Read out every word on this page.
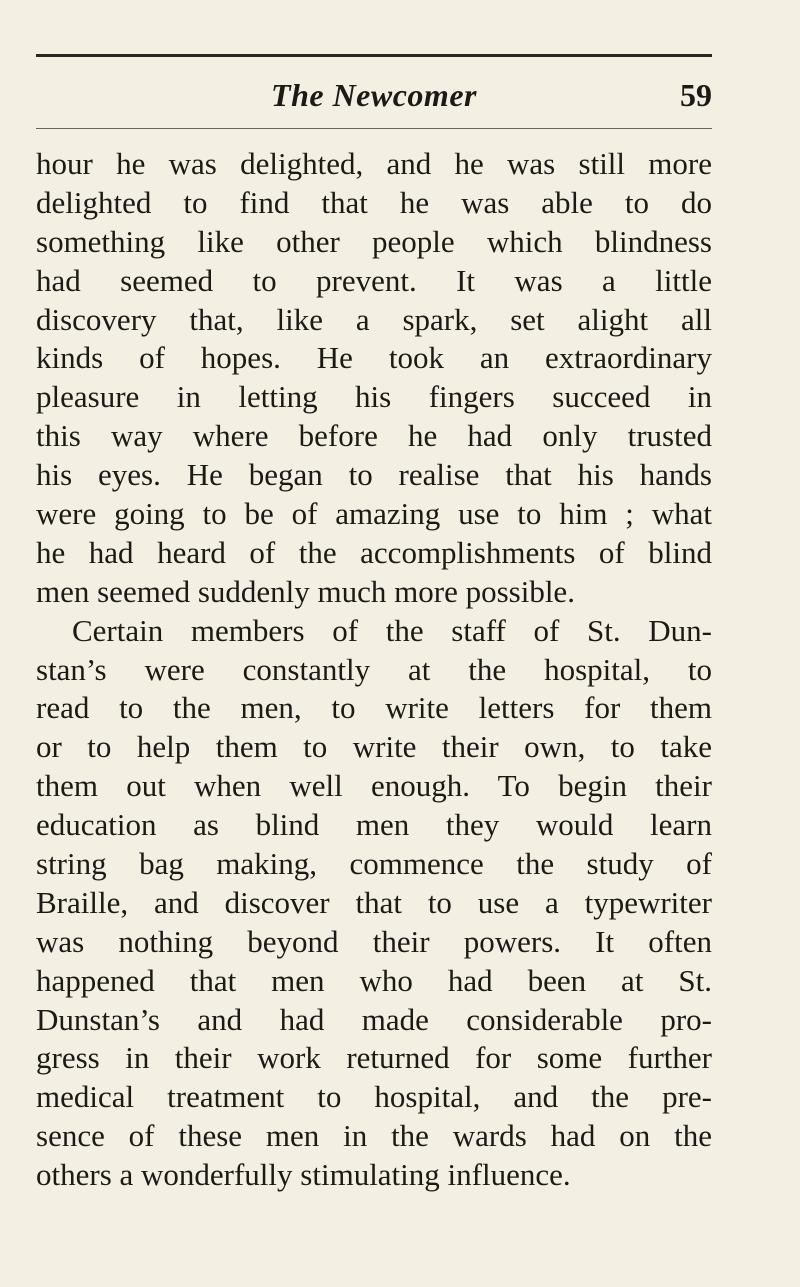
The Newcomer	59
hour he was delighted, and he was still more
delighted to find that he was able to do
something like other people which blindness
had seemed to prevent. It was a little
discovery that, like a spark, set alight all
kinds of hopes. He took an extraordinary
pleasure in letting his fingers succeed in
this way where before he had only trusted
his eyes. He began to realise that his hands
were going to be of amazing use to him ; what
he had heard of the accomplishments of blind
men seemed suddenly much more possible.
Certain members of the staff of St. Dun-
stan’s were constantly at the hospital, to
read to the men, to write letters for them
or to help them to write their own, to take
them out when well enough. To begin their
education as blind men they would learn
string bag making, commence the study of
Braille, and discover that to use a typewriter
was nothing beyond their powers. It often
happened that men who had been at St.
Dunstan’s and had made considerable pro-
gress in their work returned for some further
medical treatment to hospital, and the pre-
sence of these men in the wards had on the
others a wonderfully stimulating influence.
